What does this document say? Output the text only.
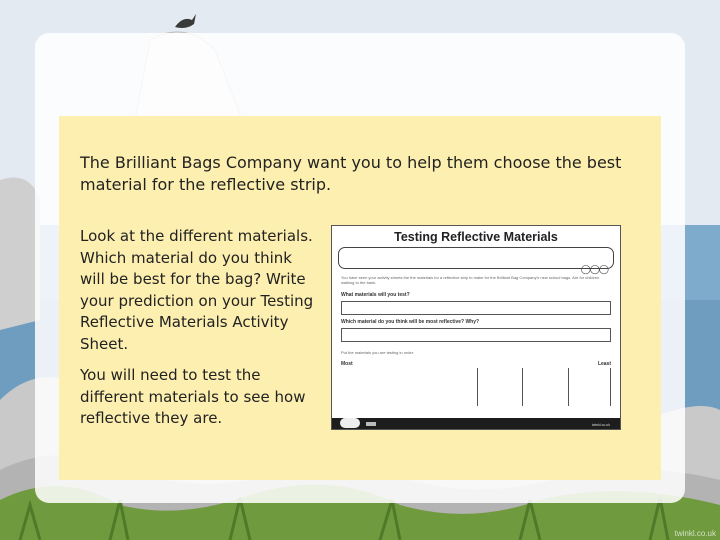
The Brilliant Bags Company want you to help them choose the best material for the reflective strip.

Look at the different materials. Which material do you think will be best for the bag? Write your prediction on your Testing Reflective Materials Activity Sheet.

You will need to test the different materials to see how reflective they are.

Testing Reflective Materials
◯◯◯
You have seen your activity sheets the the materials for a reflective strip to make for the Brilliant Bag Company's new school bags. Are for children walking to the bank.
What materials will you test?
Which material do you think will be most reflective? Why?
Put the materials you are testing in order.
Most	Least
twinkl.co.uk
twinkl.co.uk
